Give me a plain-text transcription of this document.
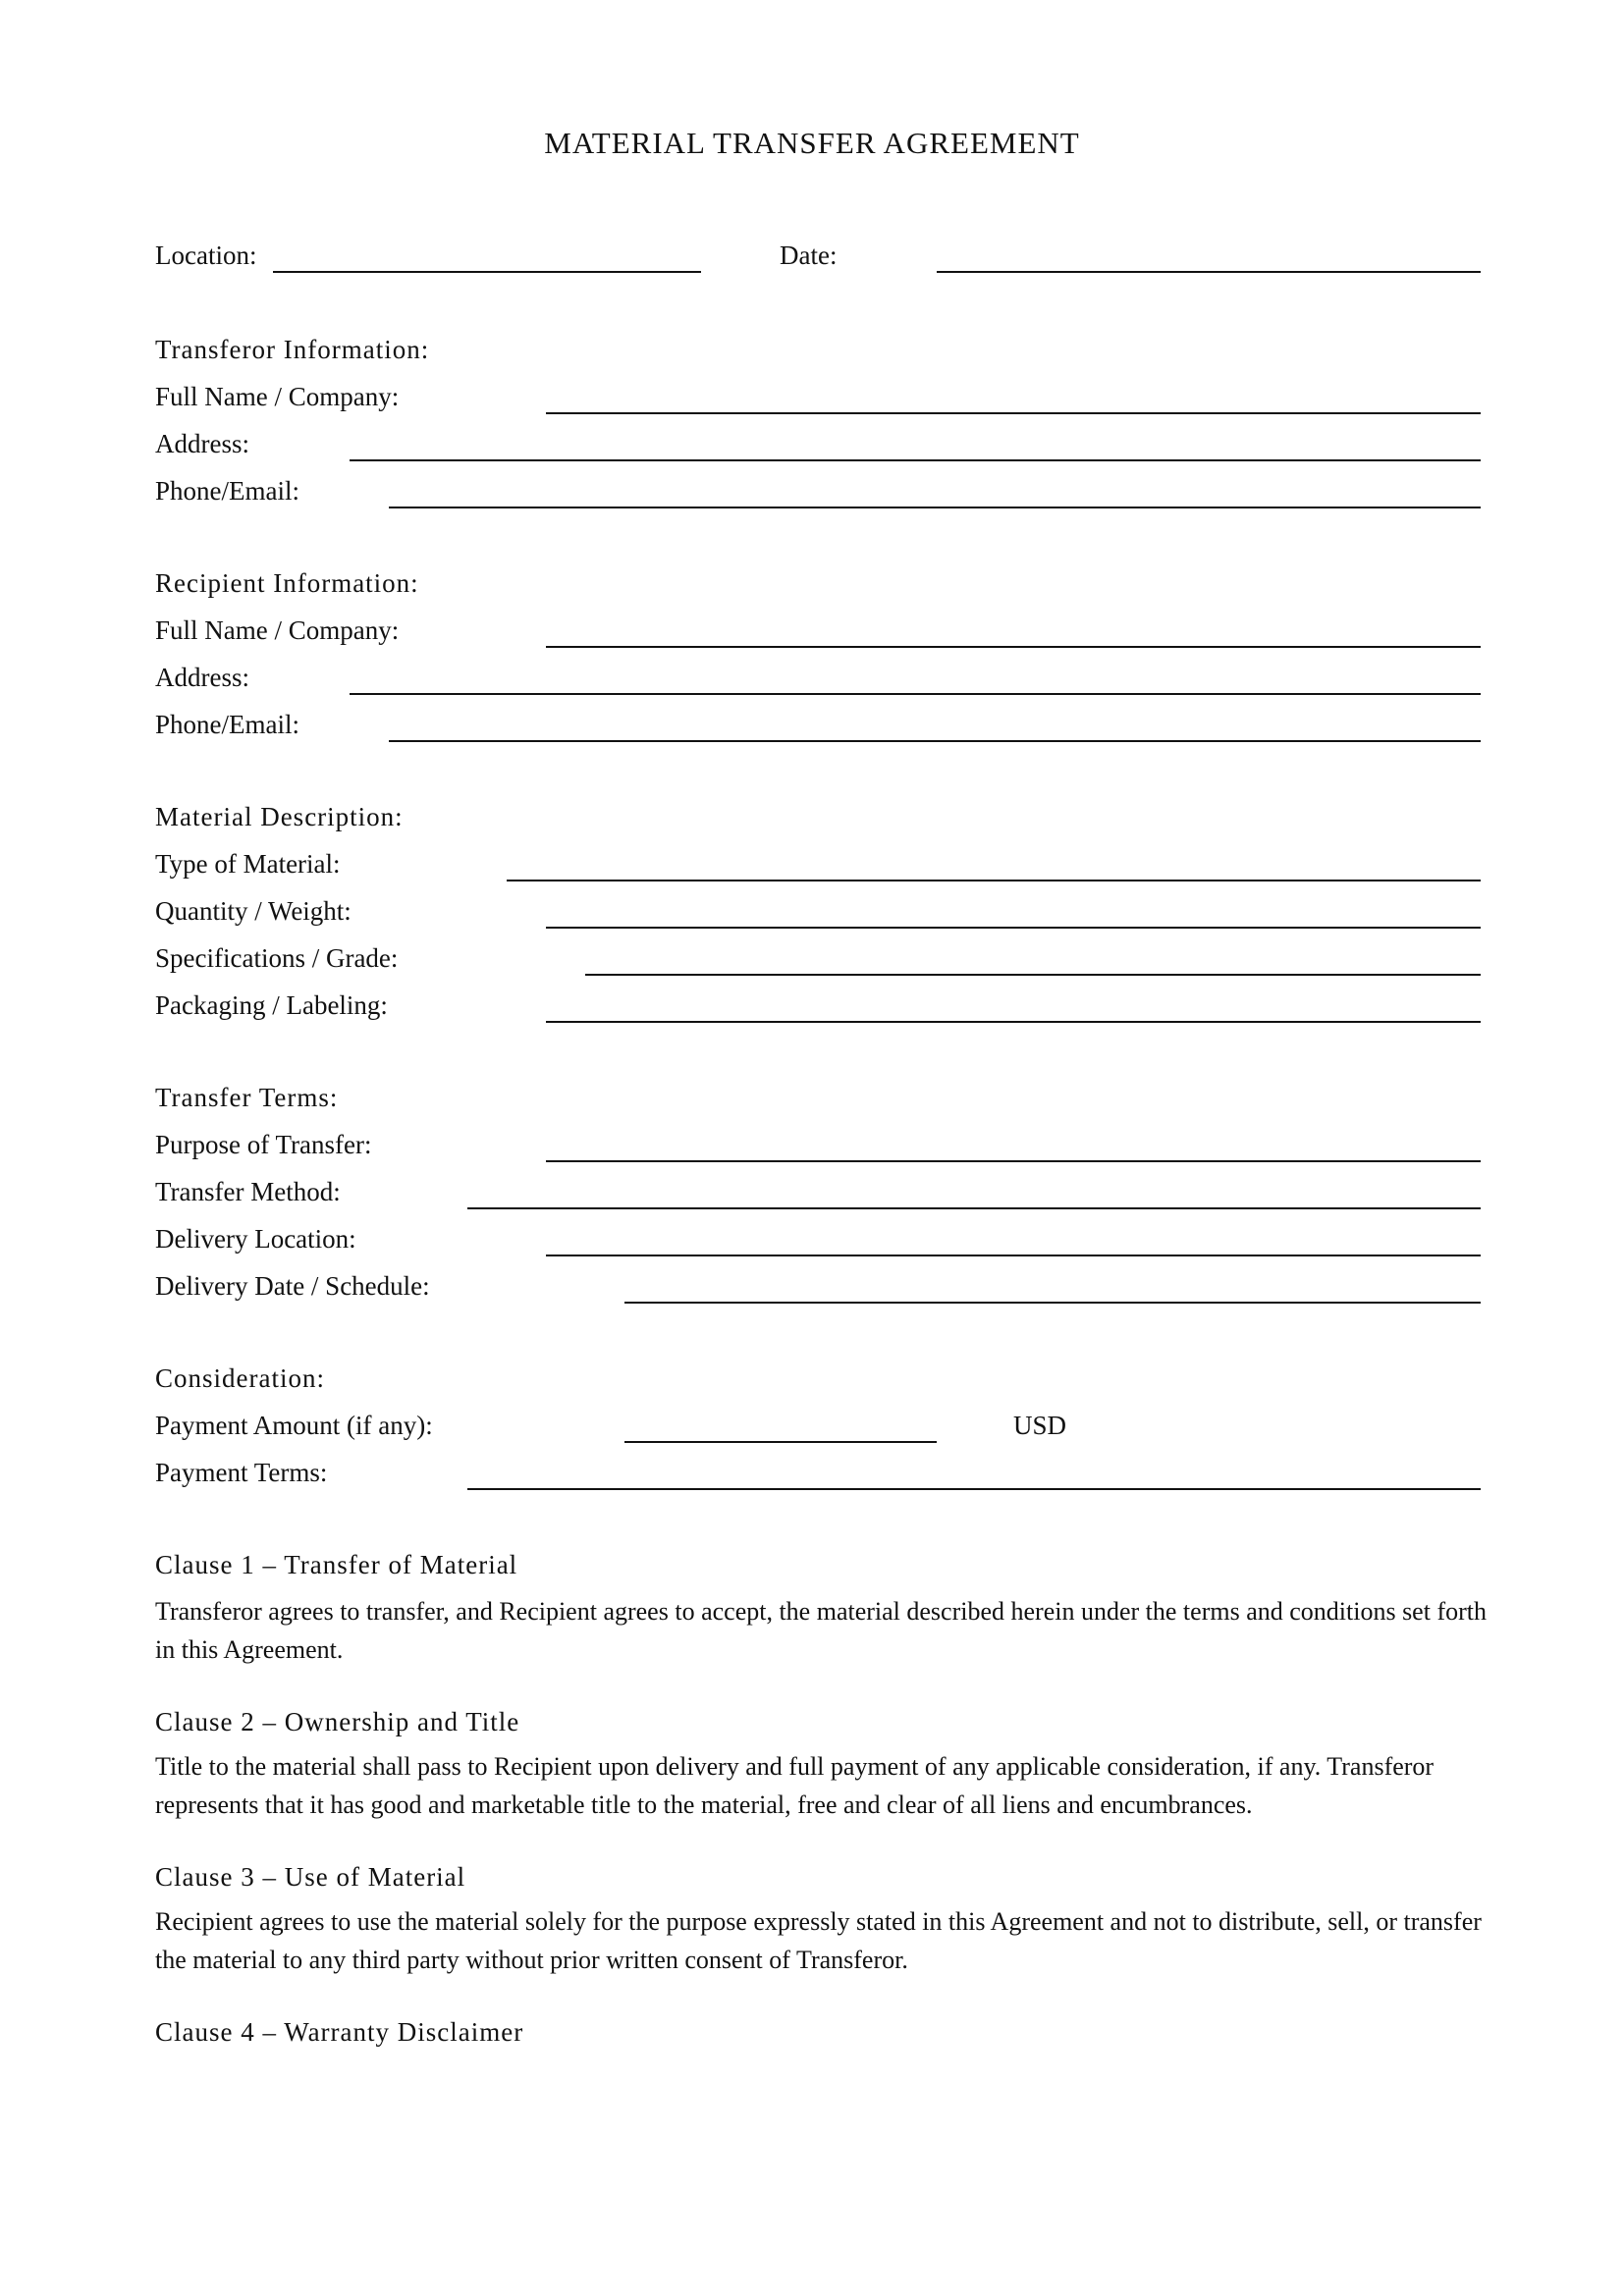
MATERIAL TRANSFER AGREEMENT
Location:	Date:
Transferor Information:
Full Name / Company:
Address:
Phone/Email:
Recipient Information:
Full Name / Company:
Address:
Phone/Email:
Material Description:
Type of Material:
Quantity / Weight:
Specifications / Grade:
Packaging / Labeling:
Transfer Terms:
Purpose of Transfer:
Transfer Method:
Delivery Location:
Delivery Date / Schedule:
Consideration:
Payment Amount (if any):	USD
Payment Terms:
Clause 1 – Transfer of Material
Transferor agrees to transfer, and Recipient agrees to accept, the material described herein under the terms and conditions set forth in this Agreement.
Clause 2 – Ownership and Title
Title to the material shall pass to Recipient upon delivery and full payment of any applicable consideration, if any. Transferor represents that it has good and marketable title to the material, free and clear of all liens and encumbrances.
Clause 3 – Use of Material
Recipient agrees to use the material solely for the purpose expressly stated in this Agreement and not to distribute, sell, or transfer the material to any third party without prior written consent of Transferor.
Clause 4 – Warranty Disclaimer
